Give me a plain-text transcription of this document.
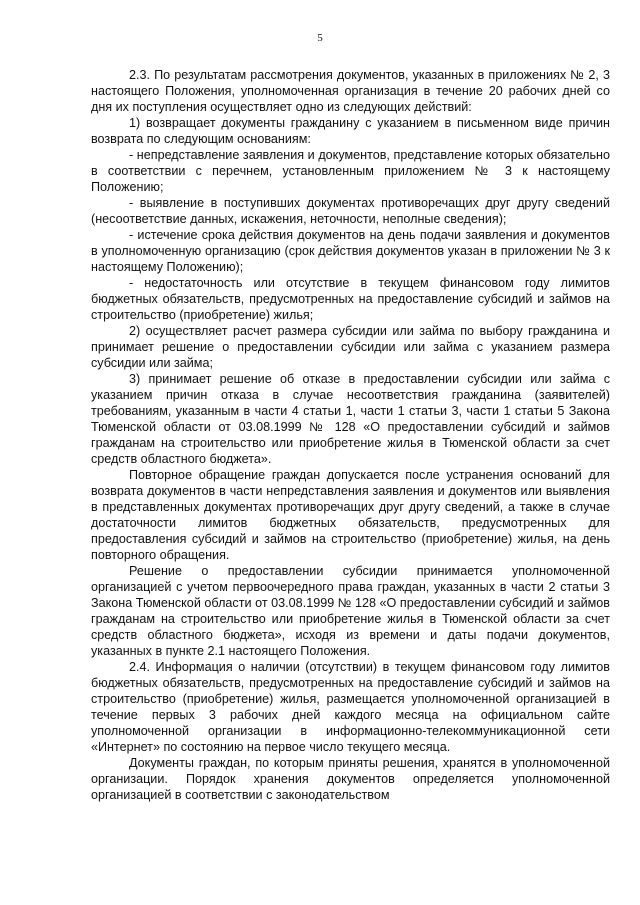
5

2.3. По результатам рассмотрения документов, указанных в приложениях № 2, 3 настоящего Положения, уполномоченная организация в течение 20 рабочих дней со дня их поступления осуществляет одно из следующих действий:

1) возвращает документы гражданину с указанием в письменном виде причин возврата по следующим основаниям:

- непредставление заявления и документов, представление которых обязательно в соответствии с перечнем, установленным приложением № 3 к настоящему Положению;

- выявление в поступивших документах противоречащих друг другу сведений (несоответствие данных, искажения, неточности, неполные сведения);

- истечение срока действия документов на день подачи заявления и документов в уполномоченную организацию (срок действия документов указан в приложении № 3 к настоящему Положению);

- недостаточность или отсутствие в текущем финансовом году лимитов бюджетных обязательств, предусмотренных на предоставление субсидий и займов на строительство (приобретение) жилья;

2) осуществляет расчет размера субсидии или займа по выбору гражданина и принимает решение о предоставлении субсидии или займа с указанием размера субсидии или займа;

3) принимает решение об отказе в предоставлении субсидии или займа с указанием причин отказа в случае несоответствия гражданина (заявителей) требованиям, указанным в части 4 статьи 1, части 1 статьи 3, части 1 статьи 5 Закона Тюменской области от 03.08.1999 № 128 «О предоставлении субсидий и займов гражданам на строительство или приобретение жилья в Тюменской области за счет средств областного бюджета».

Повторное обращение граждан допускается после устранения оснований для возврата документов в части непредставления заявления и документов или выявления в представленных документах противоречащих друг другу сведений, а также в случае достаточности лимитов бюджетных обязательств, предусмотренных для предоставления субсидий и займов на строительство (приобретение) жилья, на день повторного обращения.

Решение о предоставлении субсидии принимается уполномоченной организацией с учетом первоочередного права граждан, указанных в части 2 статьи 3 Закона Тюменской области от 03.08.1999 № 128 «О предоставлении субсидий и займов гражданам на строительство или приобретение жилья в Тюменской области за счет средств областного бюджета», исходя из времени и даты подачи документов, указанных в пункте 2.1 настоящего Положения.

2.4. Информация о наличии (отсутствии) в текущем финансовом году лимитов бюджетных обязательств, предусмотренных на предоставление субсидий и займов на строительство (приобретение) жилья, размещается уполномоченной организацией в течение первых 3 рабочих дней каждого месяца на официальном сайте уполномоченной организации в информационно-телекоммуникационной сети «Интернет» по состоянию на первое число текущего месяца.

Документы граждан, по которым приняты решения, хранятся в уполномоченной организации. Порядок хранения документов определяется уполномоченной организацией в соответствии с законодательством
